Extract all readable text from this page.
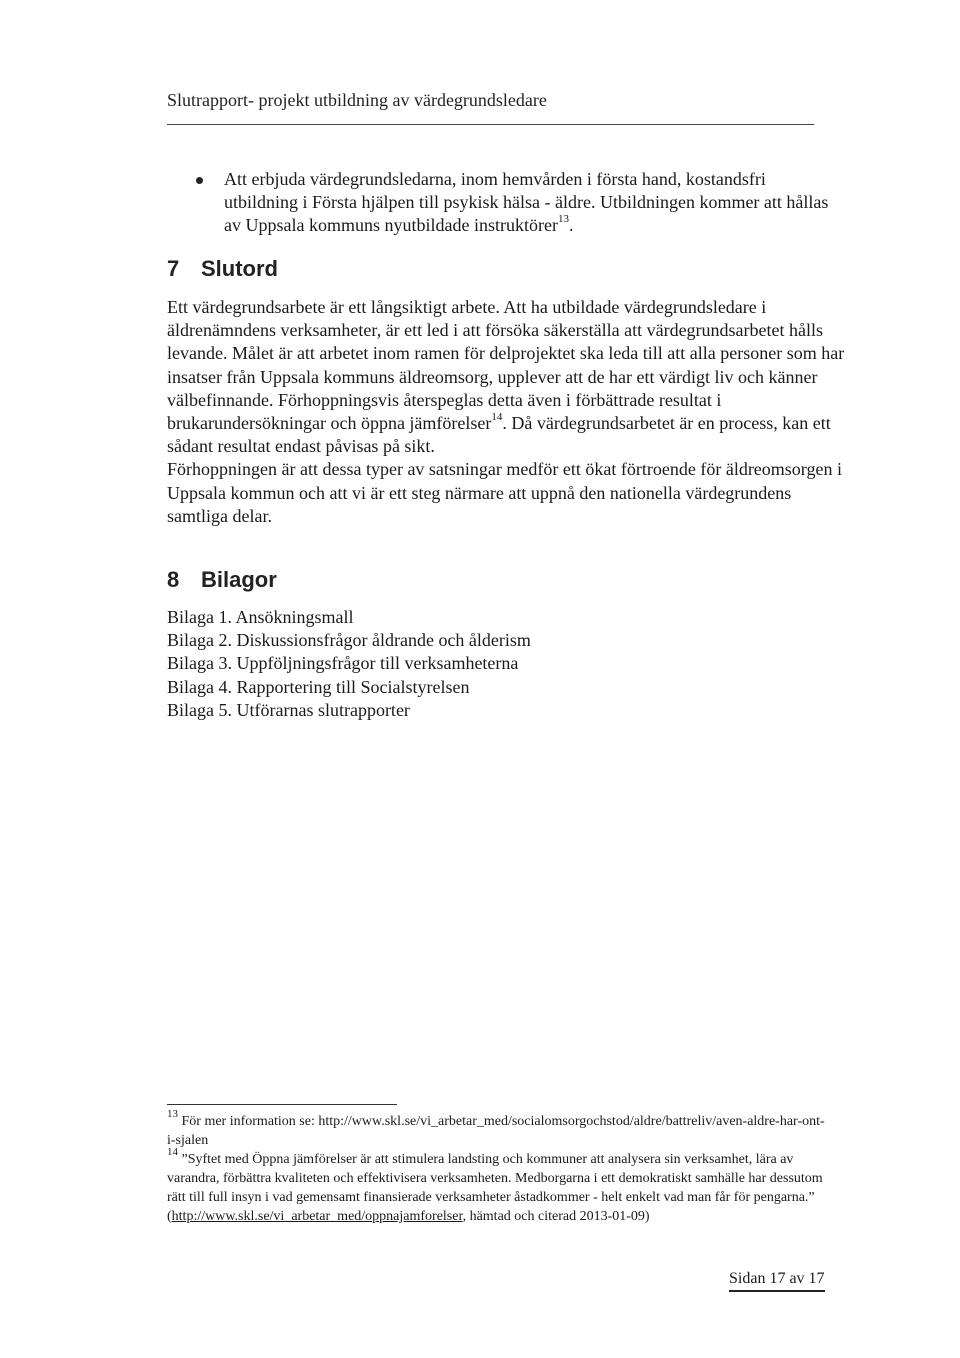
Slutrapport- projekt utbildning av värdegrundsledare
Att erbjuda värdegrundsledarna, inom hemvården i första hand, kostandsfri utbildning i Första hjälpen till psykisk hälsa - äldre. Utbildningen kommer att hållas av Uppsala kommuns nyutbildade instruktörer$^{13}$.
7 Slutord

Ett värdegrundsarbete är ett långsiktigt arbete. Att ha utbildade värdegrundsledare i äldrenämndens verksamheter, är ett led i att försöka säkerställa att värdegrundsarbetet hålls levande. Målet är att arbetet inom ramen för delprojektet ska leda till att alla personer som har insatser från Uppsala kommuns äldreomsorg, upplever att de har ett värdigt liv och känner välbefinnande. Förhoppningsvis återspeglas detta även i förbättrade resultat i brukarundersökningar och öppna jämförelser$^{14}$. Då värdegrundsarbetet är en process, kan ett sådant resultat endast påvisas på sikt.

Förhoppningen är att dessa typer av satsningar medför ett ökat förtroende för äldreomsorgen i Uppsala kommun och att vi är ett steg närmare att uppnå den nationella värdegrundens samtliga delar.

8 Bilagor
Bilaga 1. Ansökningsmall
Bilaga 2. Diskussionsfrågor åldrande och ålderism
Bilaga 3. Uppföljningsfrågor till verksamheterna
Bilaga 4. Rapportering till Socialstyrelsen
Bilaga 5. Utförarnas slutrapporter

$^{13}$ För mer information se: http://www.skl.se/vi_arbetar_med/socialomsorgochstod/aldre/battreliv/aven-aldre-har-ont-i-sjalen

$^{14}$ ”Syftet med Öppna jämförelser är att stimulera landsting och kommuner att analysera sin verksamhet, lära av varandra, förbättra kvaliteten och effektivisera verksamheten. Medborgarna i ett demokratiskt samhälle har dessutom rätt till full insyn i vad gemensamt finansierade verksamheter åstadkommer - helt enkelt vad man får för pengarna.” (http://www.skl.se/vi_arbetar_med/oppnajamforelser, hämtad och citerad 2013-01-09)

Sidan 17 av 17
